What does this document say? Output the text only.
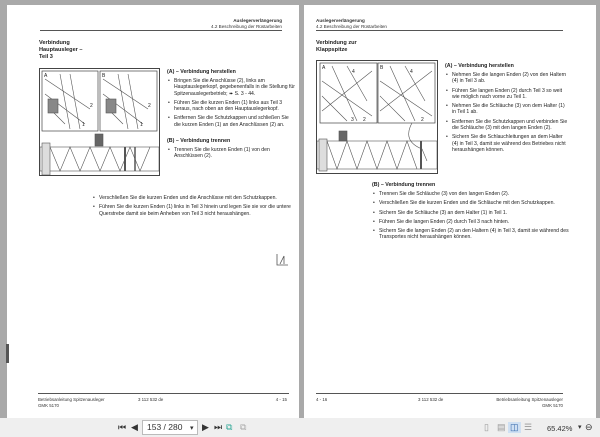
Auslegerverlängerung
4.2 Beschreibung der Rüstarbeiten
Verbindung
Hauptausleger –
Teil 3
A	B
1
2
1
2
(A) – Verbindung herstellen
• Bringen Sie die Anschlüsse (2), links am Hauptauslegerkopf, gegebenenfalls in die Stellung für Spitzenauslegerbetrieb; ➠ S. 3 - 44.
• Führen Sie die kurzen Enden (1) links aus Teil 3 heraus, nach oben an den Hauptauslegerkopf.
• Entfernen Sie die Schutzkappen und schließen Sie die kurzen Enden (1) an den Anschlüssen (2) an.
(B) – Verbindung trennen
• Trennen Sie die kurzen Enden (1) von den Anschlüssen (2).
• Verschließen Sie die kurzen Enden und die Anschlüsse mit den Schutzkappen.
• Führen Sie die kurzen Enden (1) links in Teil 3 hinein und legen Sie sie vor die untere Querstrebe damit sie beim Anheben von Teil 3 nicht heraushängen.
Betriebsanleitung Spitzenausleger
GMK 5170
3 112 532 de	4 - 15
Auslegerverlängerung
4.2 Beschreibung der Rüstarbeiten
Verbindung zur
Klappspitze
A	B
4
3 2
4
2
(A) – Verbindung herstellen
• Nehmen Sie die langen Enden (2) von den Haltern (4) in Teil 3 ab.
• Führen Sie langen Enden (2) durch Teil 3 so weit wie möglich nach vorne zu Teil 1.
• Nehmen Sie die Schläuche (3) von dem Halter (1) in Teil 1 ab.
• Entfernen Sie die Schutzkappen und verbinden Sie die Schläuche (3) mit den langen Enden (2).
• Sichern Sie die Schlauchleitungen an dem Halter (4) in Teil 3, damit sie während des Betriebes nicht heraushängen können.
(B) – Verbindung trennen
• Trennen Sie die Schläuche (3) von den langen Enden (2).
• Verschließen Sie die kurzen Enden und die Schläuche mit den Schutzkappen.
• Sichern Sie die Schläuche (3) an dem Halter (1) in Teil 1.
• Führen Sie die langen Enden (2) durch Teil 3 nach hinten.
• Sichern Sie die langen Enden (2) an den Haltern (4) in Teil 3, damit sie während des Transportes nicht heraushängen können.
4 - 16	3 112 532 de	Betriebsanleitung Spitzenausleger
GMK 5170
⏮ ◀	153 / 280	▾ ▶ ⏭ ⧉ ⧉	▯ ▤ ◫ ☰ 65.42% ▾ ⊖
